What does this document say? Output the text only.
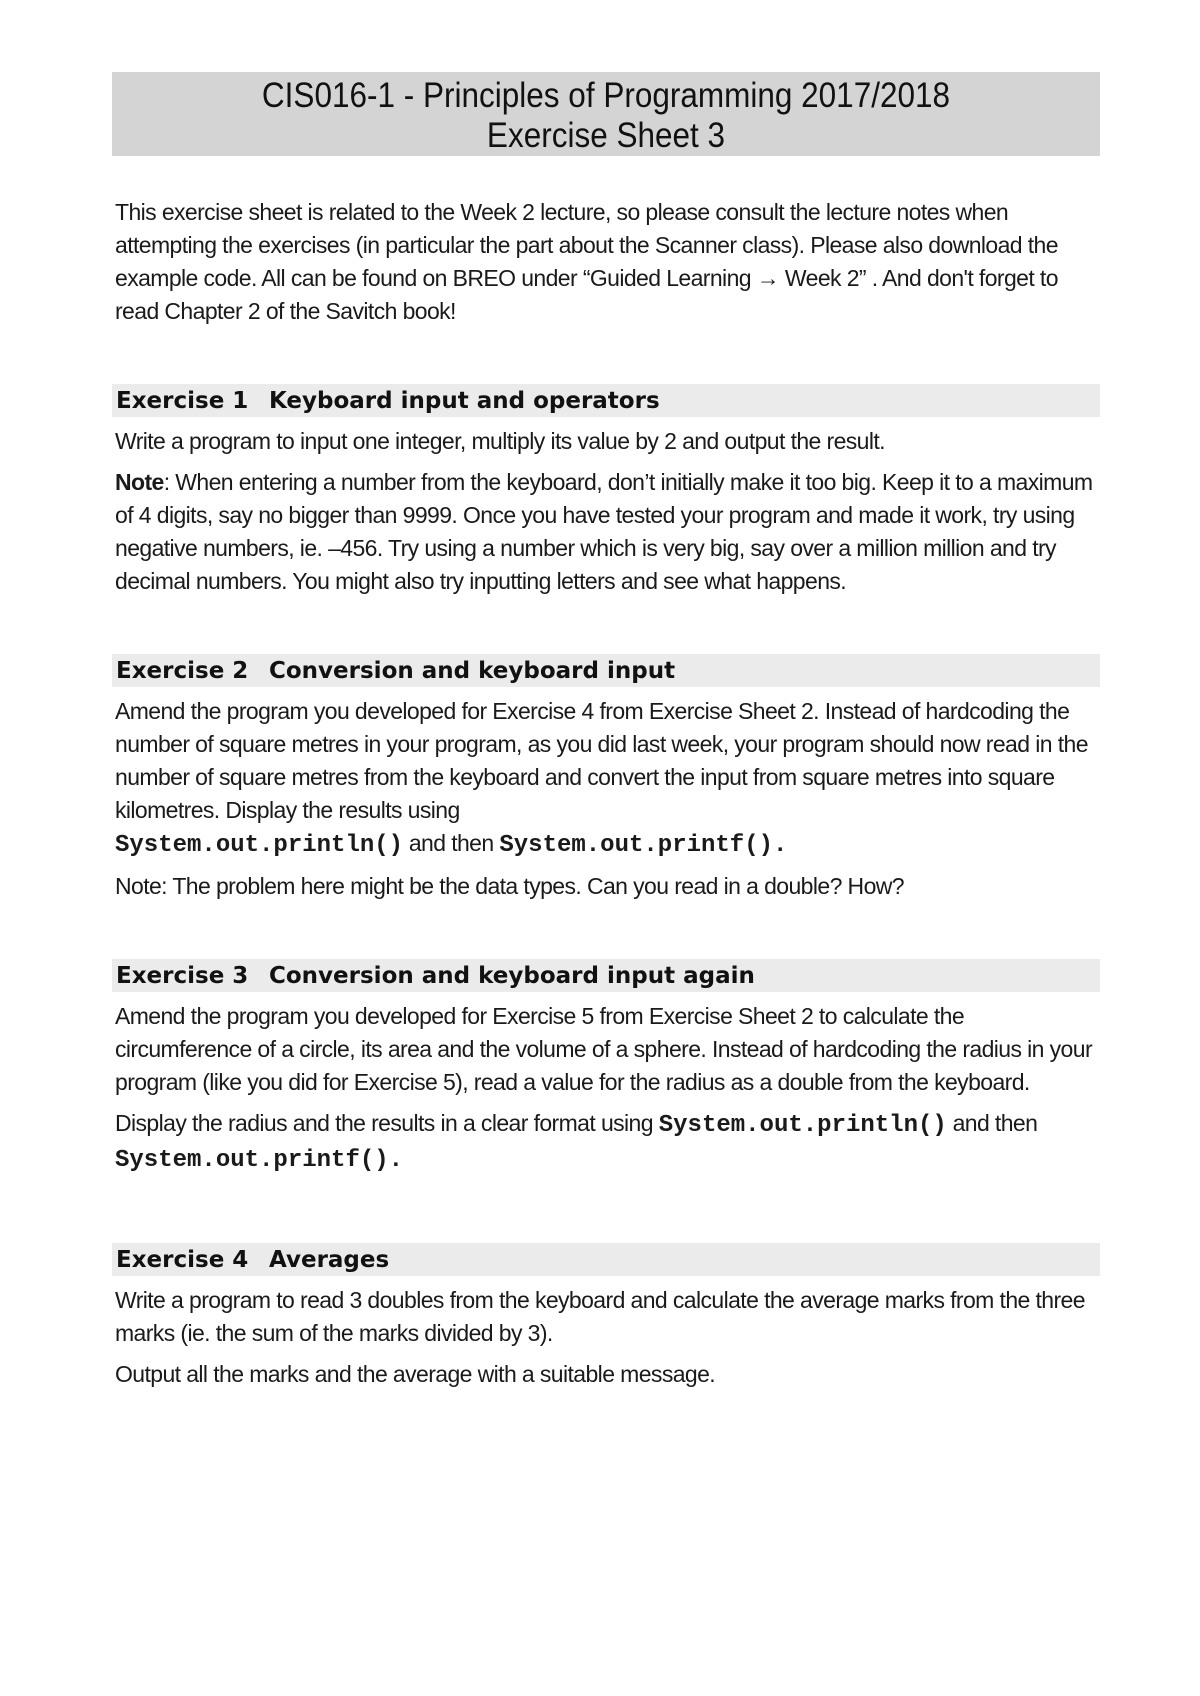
CIS016-1 - Principles of Programming 2017/2018
Exercise Sheet 3

This exercise sheet is related to the Week 2 lecture, so please consult the lecture notes when attempting the exercises (in particular the part about the Scanner class). Please also download the example code. All can be found on BREO under “Guided Learning → Week 2” . And don't forget to read Chapter 2 of the Savitch book!

Exercise 1 Keyboard input and operators

Write a program to input one integer, multiply its value by 2 and output the result.

Note: When entering a number from the keyboard, don’t initially make it too big. Keep it to a maximum of 4 digits, say no bigger than 9999. Once you have tested your program and made it work, try using negative numbers, ie. –456. Try using a number which is very big, say over a million million and try decimal numbers. You might also try inputting letters and see what happens.

Exercise 2 Conversion and keyboard input

Amend the program you developed for Exercise 4 from Exercise Sheet 2. Instead of hardcoding the number of square metres in your program, as you did last week, your program should now read in the number of square metres from the keyboard and convert the input from square metres into square kilometres. Display the results using
System.out.println() and then System.out.printf().

Note: The problem here might be the data types. Can you read in a double? How?

Exercise 3 Conversion and keyboard input again

Amend the program you developed for Exercise 5 from Exercise Sheet 2 to calculate the circumference of a circle, its area and the volume of a sphere. Instead of hardcoding the radius in your program (like you did for Exercise 5), read a value for the radius as a double from the keyboard.

Display the radius and the results in a clear format using System.out.println() and then System.out.printf().

Exercise 4 Averages

Write a program to read 3 doubles from the keyboard and calculate the average marks from the three marks (ie. the sum of the marks divided by 3).

Output all the marks and the average with a suitable message.
